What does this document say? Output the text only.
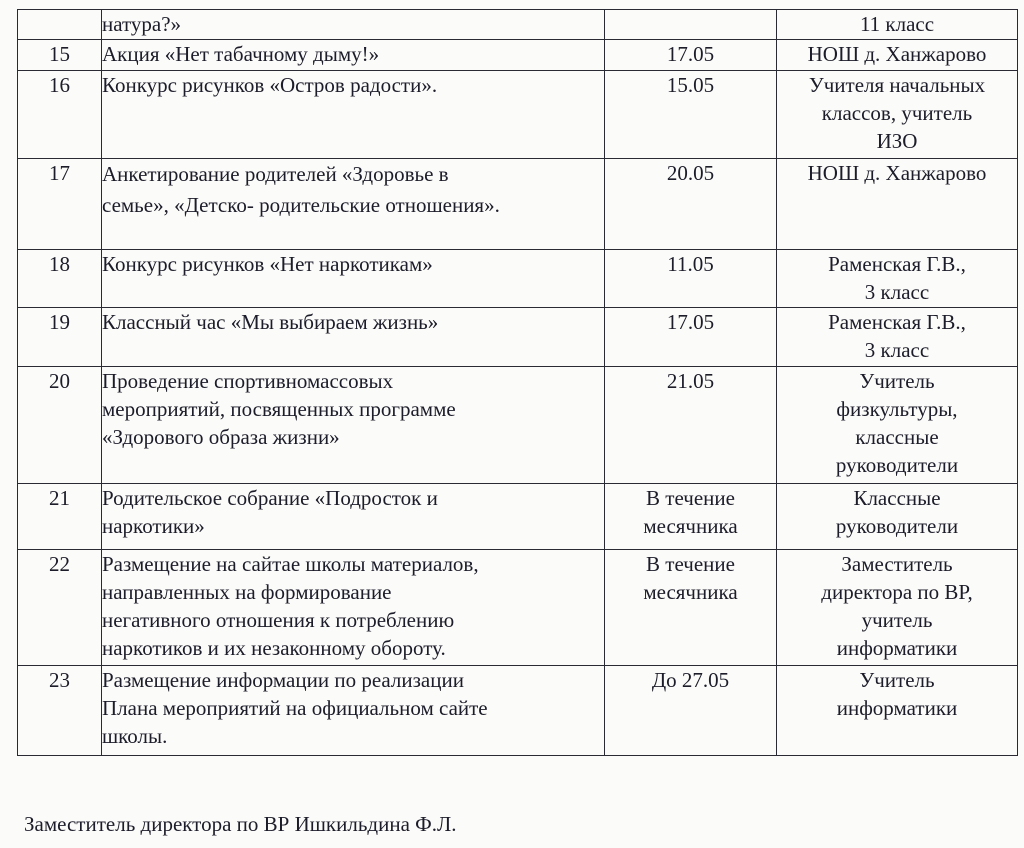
	натура?»		11 класс

15	Акция «Нет табачному дыму!»	17.05	НОШ д. Ханжарово

16	Конкурс рисунков «Остров радости».	15.05	Учителя начальных
классов, учитель
ИЗО

17	Анкетирование родителей «Здоровье в
семье», «Детско- родительские отношения».	20.05	НОШ д. Ханжарово

18	Конкурс рисунков «Нет наркотикам»	11.05	Раменская Г.В.,
3 класс

19	Классный час «Мы выбираем жизнь»	17.05	Раменская Г.В.,
3 класс

20	Проведение спортивномассовых
мероприятий, посвященных программе
«Здорового образа жизни»	21.05	Учитель
физкультуры,
классные
руководители

21	Родительское собрание «Подросток и
наркотики»	В течение
месячника	Классные
руководители

22	Размещение на сайтае школы материалов,
направленных на формирование
негативного отношения к потреблению
наркотиков и их незаконному обороту.	В течение
месячника	Заместитель
директора по ВР,
учитель
информатики

23	Размещение информации по реализации
Плана мероприятий на официальном сайте
школы.	До 27.05	Учитель
информатики
Заместитель директора по ВР Ишкильдина Ф.Л.
